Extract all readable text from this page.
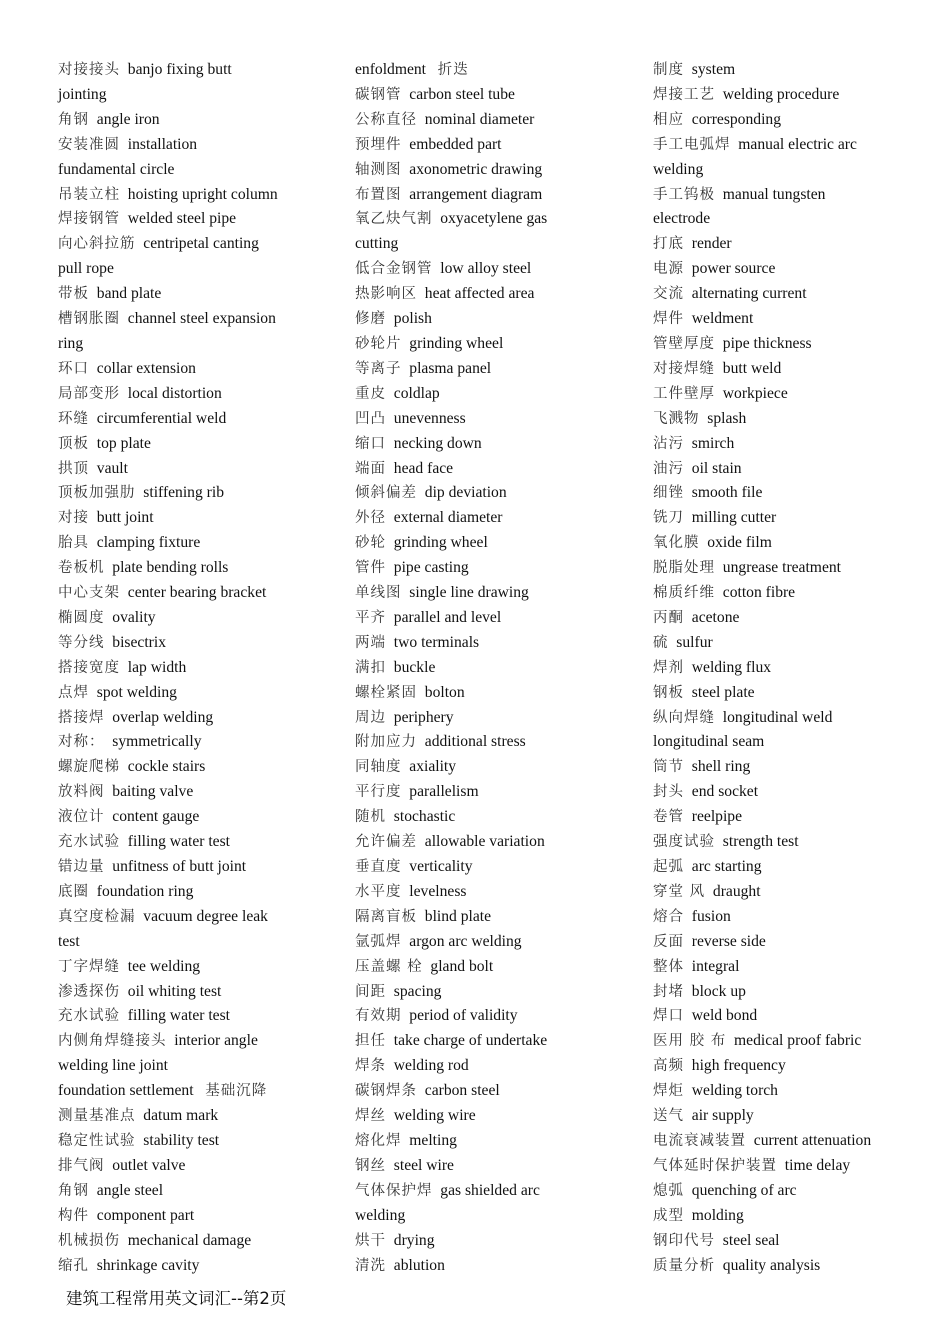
对接接头 banjo fixing butt
jointing
角钢 angle iron
安装准圆 installation
fundamental circle
吊装立柱 hoisting upright column
焊接钢管 welded steel pipe
向心斜拉筋 centripetal canting
pull rope
带板 band plate
槽钢胀圈 channel steel expansion
ring
环口 collar extension
局部变形 local distortion
环缝 circumferential weld
顶板 top plate
拱顶 vault
顶板加强肋 stiffening rib
对接 butt joint
胎具 clamping fixture
卷板机 plate bending rolls
中心支架 center bearing bracket
椭圆度 ovality
等分线 bisectrix
搭接宽度 lap width
点焊 spot welding
搭接焊 overlap welding
对称： symmetrically
螺旋爬梯 cockle stairs
放料阀 baiting valve
液位计 content gauge
充水试验 filling water test
错边量 unfitness of butt joint
底圈 foundation ring
真空度检漏 vacuum degree leak
test
丁字焊缝 tee welding
渗透探伤 oil whiting test
充水试验 filling water test
内侧角焊缝接头 interior angle
welding line joint
foundation settlement 基础沉降
测量基准点 datum mark
稳定性试验 stability test
排气阀 outlet valve
角钢 angle steel
构件 component part
机械损伤 mechanical damage
缩孔 shrinkage cavity
enfoldment 折迭
碳钢管 carbon steel tube
公称直径 nominal diameter
预埋件 embedded part
轴测图 axonometric drawing
布置图 arrangement diagram
氧乙炔气割 oxyacetylene gas
cutting
低合金钢管 low alloy steel
热影响区 heat affected area
修磨 polish
砂轮片 grinding wheel
等离子 plasma panel
重皮 coldlap
凹凸 unevenness
缩口 necking down
端面 head face
倾斜偏差 dip deviation
外径 external diameter
砂轮 grinding wheel
管件 pipe casting
单线图 single line drawing
平齐 parallel and level
两端 two terminals
满扣 buckle
螺栓紧固 bolton
周边 periphery
附加应力 additional stress
同轴度 axiality
平行度 parallelism
随机 stochastic
允许偏差 allowable variation
垂直度 verticality
水平度 levelness
隔离盲板 blind plate
氩弧焊 argon arc welding
压盖螺 栓 gland bolt
间距 spacing
有效期 period of validity
担任 take charge of undertake
焊条 welding rod
碳钢焊条 carbon steel
焊丝 welding wire
熔化焊 melting
钢丝 steel wire
气体保护焊 gas shielded arc
welding
烘干 drying
清洗 ablution
制度 system
焊接工艺 welding procedure
相应 corresponding
手工电弧焊 manual electric arc
welding
手工钨极 manual tungsten
electrode
打底 render
电源 power source
交流 alternating current
焊件 weldment
管壁厚度 pipe thickness
对接焊缝 butt weld
工件壁厚 workpiece
飞溅物 splash
沾污 smirch
油污 oil stain
细锉 smooth file
铣刀 milling cutter
氧化膜 oxide film
脱脂处理 ungrease treatment
棉质纤维 cotton fibre
丙酮 acetone
硫 sulfur
焊剂 welding flux
钢板 steel plate
纵向焊缝 longitudinal weld
longitudinal seam
筒节 shell ring
封头 end socket
卷管 reelpipe
强度试验 strength test
起弧 arc starting
穿堂 风 draught
熔合 fusion
反面 reverse side
整体 integral
封堵 block up
焊口 weld bond
医用 胶 布 medical proof fabric
高频 high frequency
焊炬 welding torch
送气 air supply
电流衰减装置 current attenuation
气体延时保护装置 time delay
熄弧 quenching of arc
成型 molding
钢印代号 steel seal
质量分析 quality analysis
建筑工程常用英文词汇--第2页
